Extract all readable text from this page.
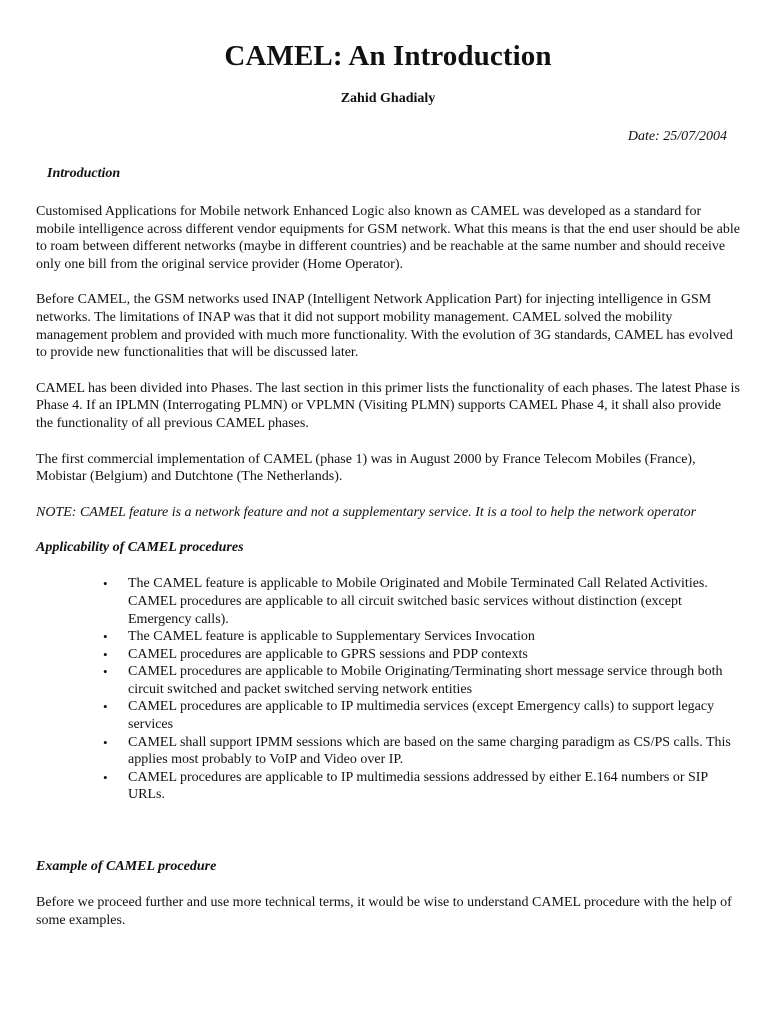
CAMEL: An Introduction

Zahid Ghadialy

Date: 25/07/2004

Introduction

Customised Applications for Mobile network Enhanced Logic also known as CAMEL was developed as a standard for mobile intelligence across different vendor equipments for GSM network. What this means is that the end user should be able to roam between different networks (maybe in different countries) and be reachable at the same number and should receive only one bill from the original service provider (Home Operator).

Before CAMEL, the GSM networks used INAP (Intelligent Network Application Part) for injecting intelligence in GSM networks. The limitations of INAP was that it did not support mobility management. CAMEL solved the mobility management problem and provided with much more functionality. With the evolution of 3G standards, CAMEL has evolved to provide new functionalities that will be discussed later.

CAMEL has been divided into Phases. The last section in this primer lists the functionality of each phases. The latest Phase is Phase 4. If an IPLMN (Interrogating PLMN) or VPLMN (Visiting PLMN) supports CAMEL Phase 4, it shall also provide the functionality of all previous CAMEL phases.

The first commercial implementation of CAMEL (phase 1) was in August 2000 by France Telecom Mobiles (France), Mobistar (Belgium) and Dutchtone (The Netherlands).

NOTE: CAMEL feature is a network feature and not a supplementary service. It is a tool to help the network operator

Applicability of CAMEL procedures
• The CAMEL feature is applicable to Mobile Originated and Mobile Terminated Call Related Activities. CAMEL procedures are applicable to all circuit switched basic services without distinction (except Emergency calls).
• The CAMEL feature is applicable to Supplementary Services Invocation
• CAMEL procedures are applicable to GPRS sessions and PDP contexts
• CAMEL procedures are applicable to Mobile Originating/Terminating short message service through both circuit switched and packet switched serving network entities
• CAMEL procedures are applicable to IP multimedia services (except Emergency calls) to support legacy services
• CAMEL shall support IPMM sessions which are based on the same charging paradigm as CS/PS calls. This applies most probably to VoIP and Video over IP.
• CAMEL procedures are applicable to IP multimedia sessions addressed by either E.164 numbers or SIP URLs.
Example of CAMEL procedure

Before we proceed further and use more technical terms, it would be wise to understand CAMEL procedure with the help of some examples.
